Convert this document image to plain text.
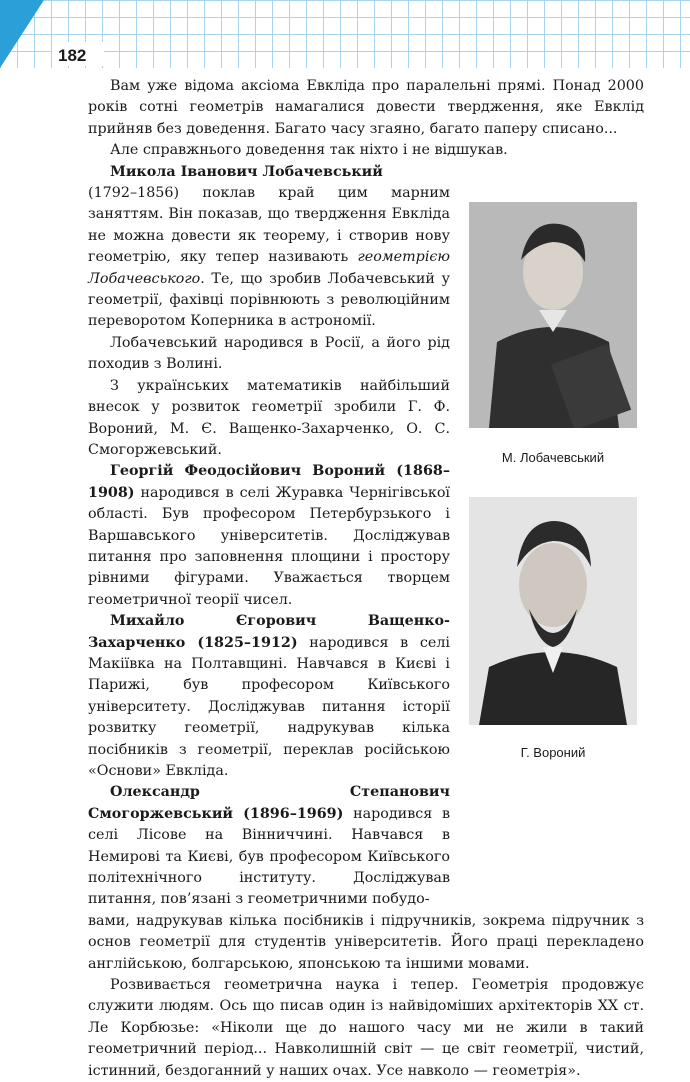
182

М. Лобачевський

Г. Вороний

Вам уже відома аксіома Евкліда про паралельні прямі. Понад 2000 років сотні геометрів намагалися довести твердження, яке Евклід прийняв без доведення. Багато часу згаяно, багато паперу списано...

Але справжнього доведення так ніхто і не відшукав.

Микола Іванович Лобачевський
(1792–1856) поклав край цим марним заняттям. Він показав, що твердження Евкліда не можна довести як теорему, і створив нову геометрію, яку тепер називають геометрією Лобачевського. Те, що зробив Лобачевський у геометрії, фахівці порівнюють з революційним переворотом Коперника в астрономії.

Лобачевський народився в Росії, а його рід походив з Волині.

З українських математиків найбільший внесок у розвиток геометрії зробили Г. Ф. Вороний, М. Є. Ващенко-Захарченко, О. С. Смогоржевський.

Георгій Феодосійович Вороний (1868–1908) народився в селі Журавка Чернігівської області. Був професором Петербурзького і Варшавського університетів. Досліджував питання про заповнення площини і простору рівними фігурами. Уважається творцем геометричної теорії чисел.

Михайло Єгорович Ващенко-Захарченко (1825–1912) народився в селі Макіївка на Полтавщині. Навчався в Києві і Парижі, був професором Київського університету. Досліджував питання історії розвитку геометрії, надрукував кілька посібників з геометрії, переклав російською «Основи» Евкліда.

Олександр Степанович Смогоржевський (1896–1969) народився в селі Лісове на Вінниччині. Навчався в Немирові та Києві, був професором Київського політехнічного інституту. Досліджував питання, пов’язані з геометричними побудо-

вами, надрукував кілька посібників і підручників, зокрема підручник з основ геометрії для студентів університетів. Його праці перекладено англійською, болгарською, японською та іншими мовами.

Розвивається геометрична наука і тепер. Геометрія продовжує служити людям. Ось що писав один із найвідоміших архітекторів XX ст. Ле Корбюзье: «Ніколи ще до нашого часу ми не жили в такий геометричний період... Навколишній світ — це світ геометрії, чистий, істинний, бездоганний у наших очах. Усе навколо — геометрія».
